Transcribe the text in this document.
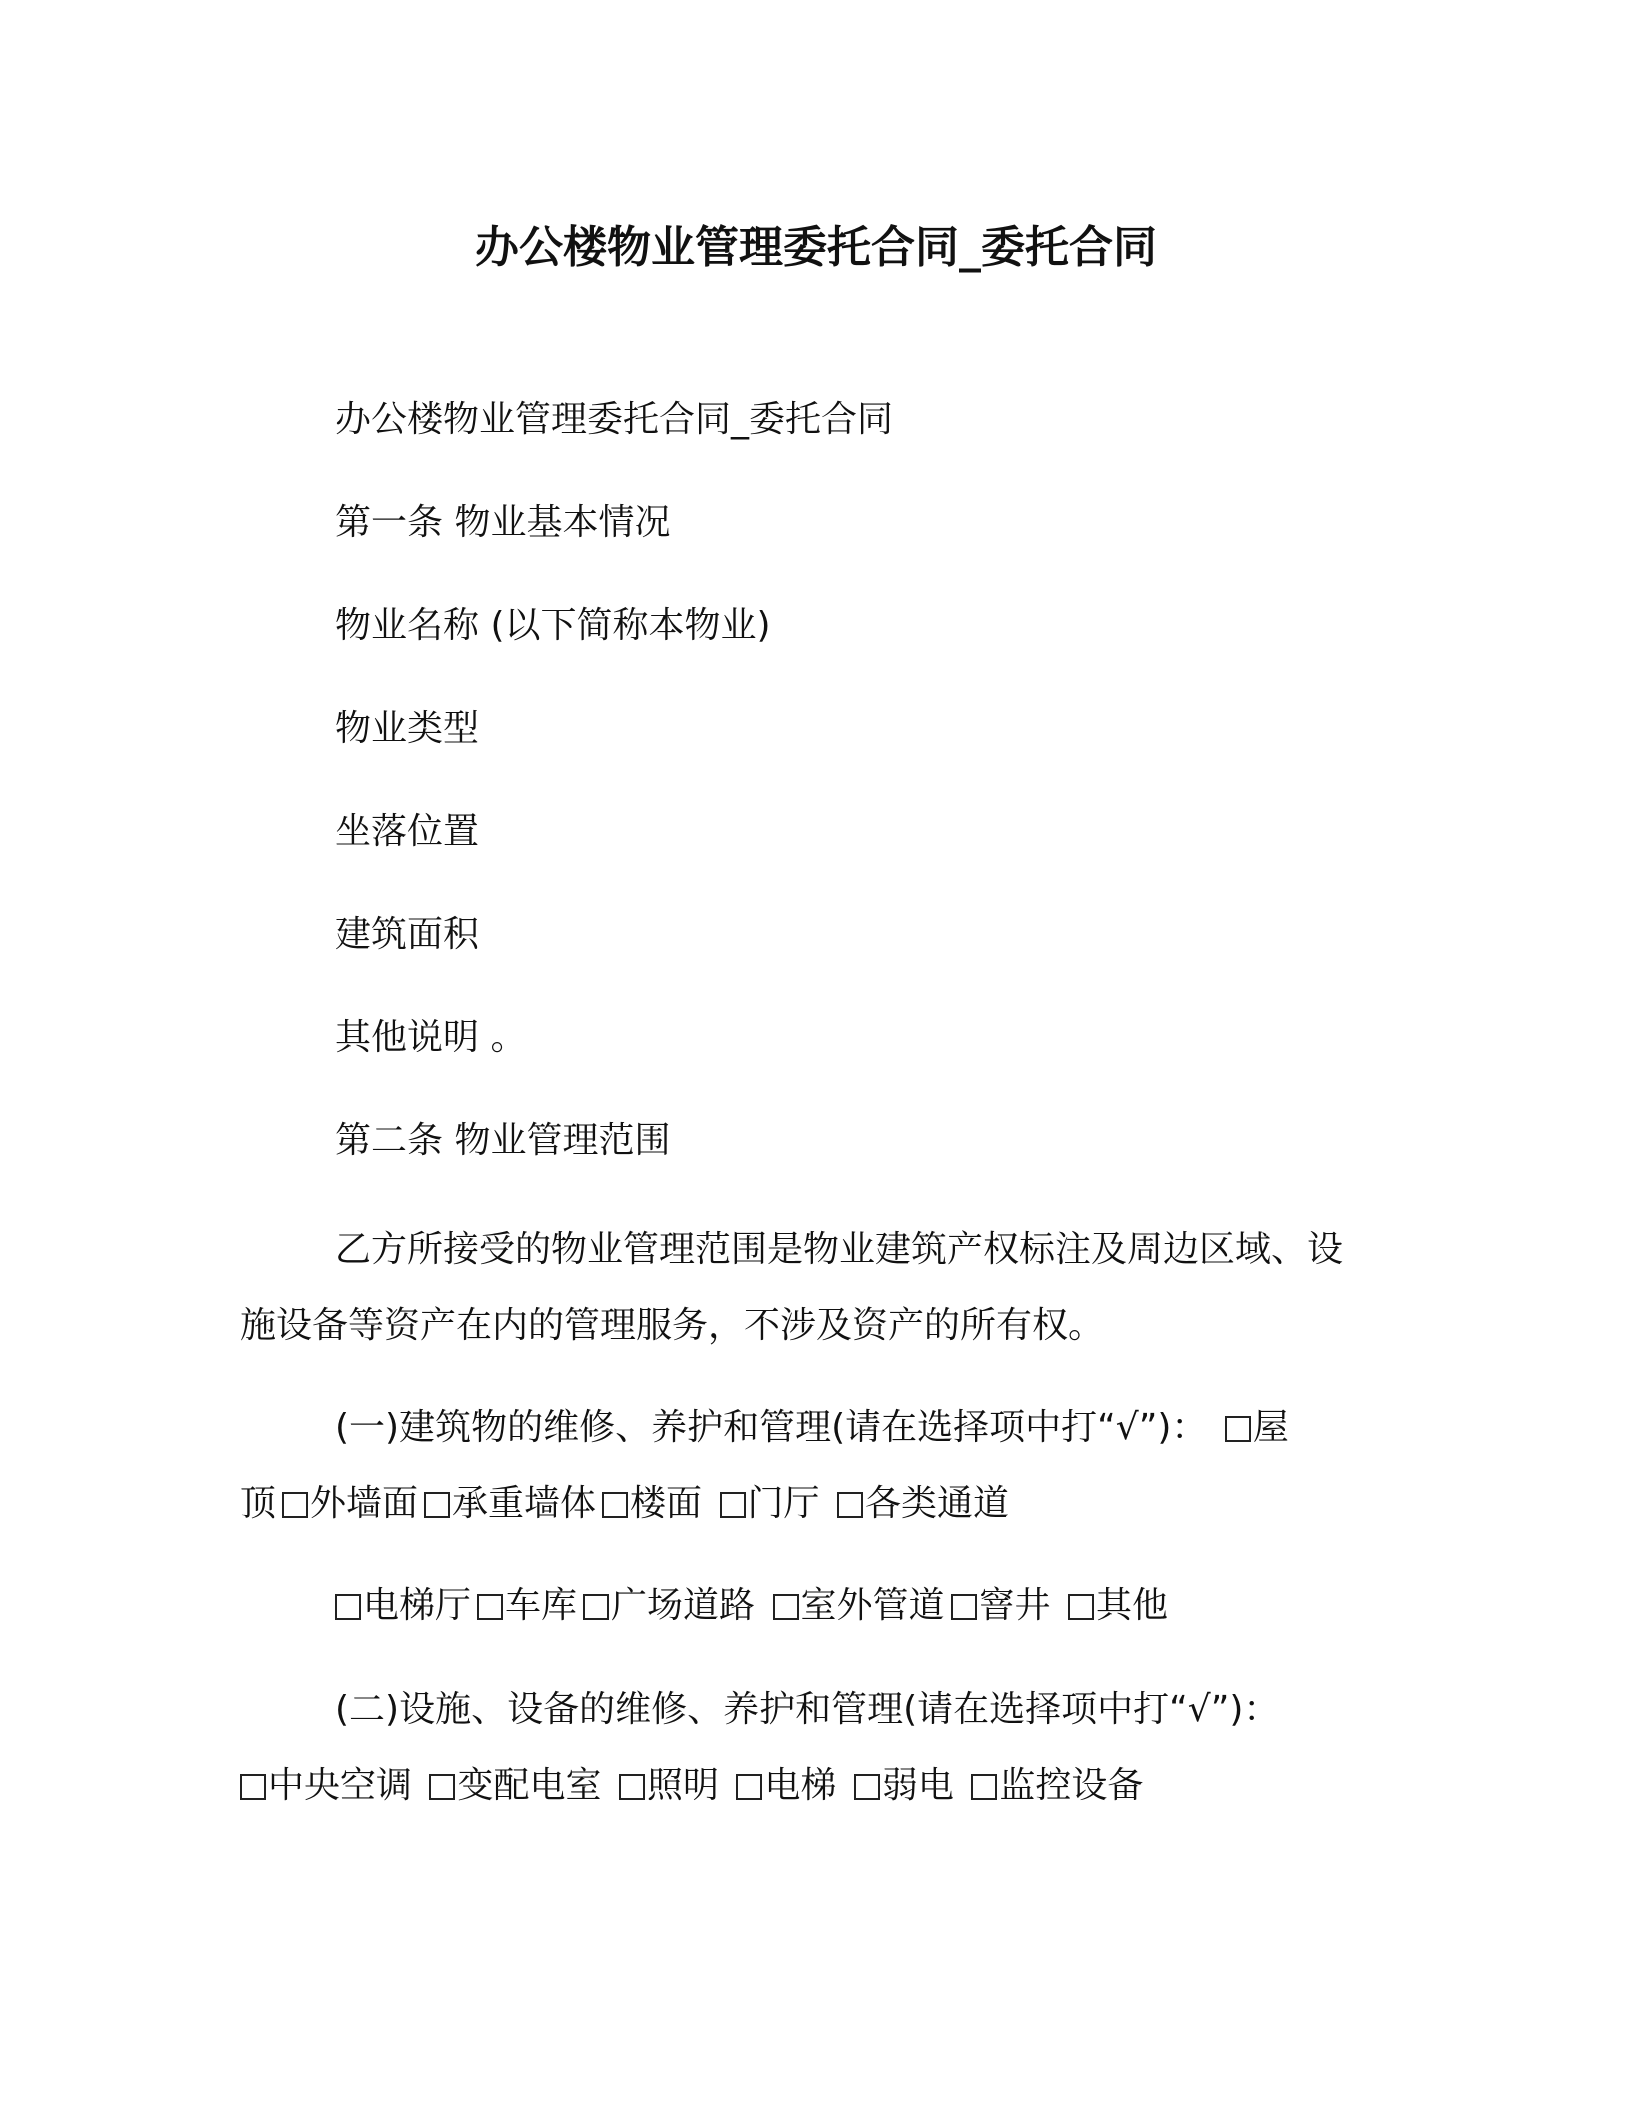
办公楼物业管理委托合同_委托合同
办公楼物业管理委托合同_委托合同
第一条 物业基本情况
物业名称 (以下简称本物业)
物业类型
坐落位置
建筑面积
其他说明 。
第二条 物业管理范围
乙方所接受的物业管理范围是物业建筑产权标注及周边区域、设
施设备等资产在内的管理服务，不涉及资产的所有权。
(一)建筑物的维修、养护和管理(请在选择项中打“√”)： 屋
顶 外墙面 承重墙体 楼面 门厅 各类通道
电梯厅 车库 广场道路 室外管道 窨井 其他
(二)设施、设备的维修、养护和管理(请在选择项中打“√”)：
中央空调 变配电室 照明 电梯 弱电 监控设备
